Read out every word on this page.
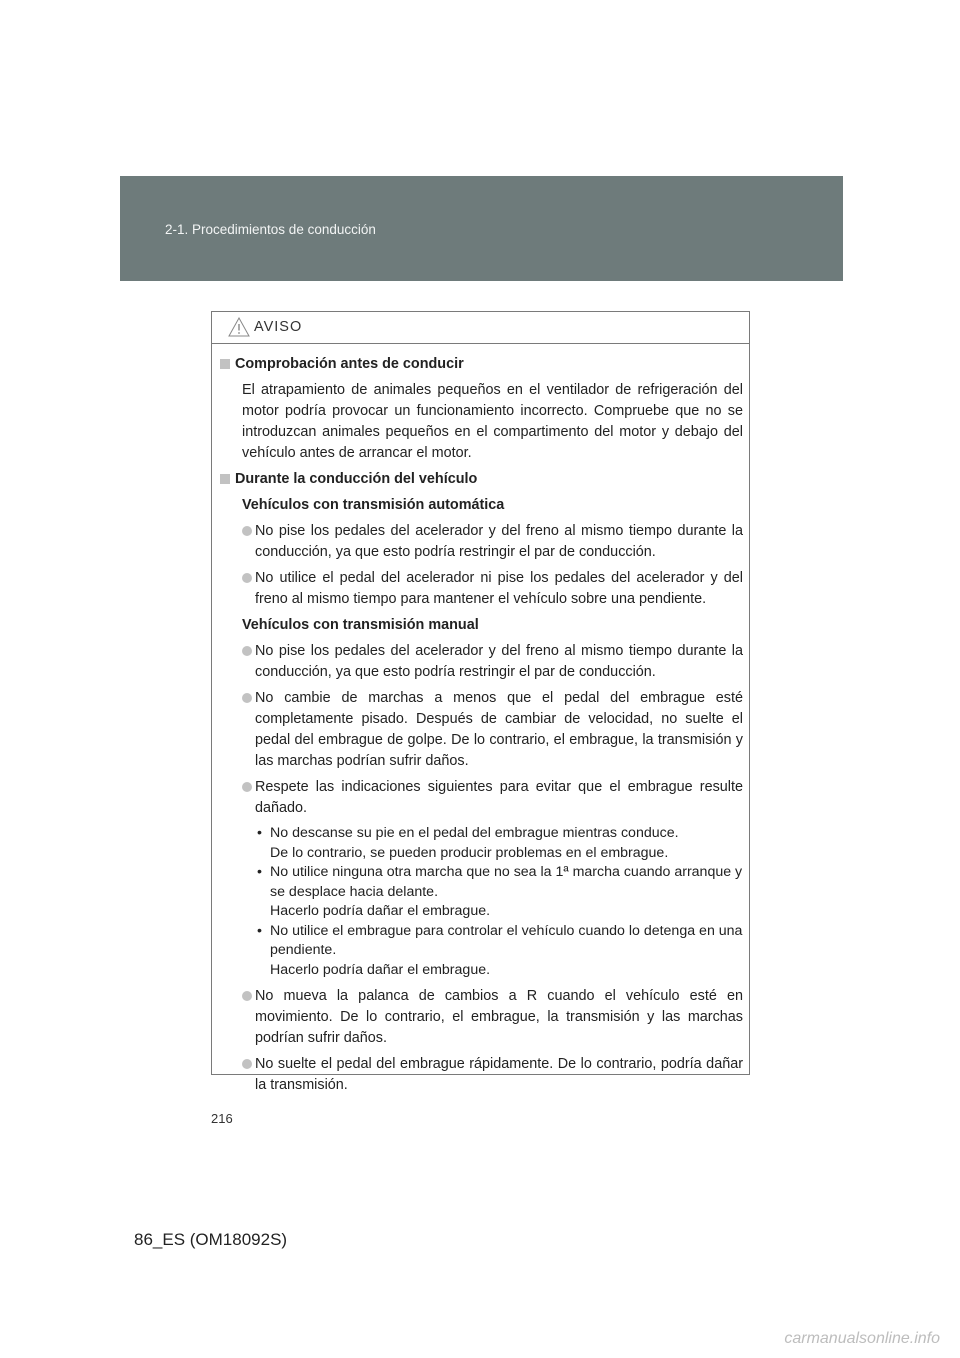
2-1. Procedimientos de conducción
AVISO
Comprobación antes de conducir

El atrapamiento de animales pequeños en el ventilador de refrigeración del motor podría provocar un funcionamiento incorrecto. Compruebe que no se introduzcan animales pequeños en el compartimento del motor y debajo del vehículo antes de arrancar el motor.

Durante la conducción del vehículo
Vehículos con transmisión automática
No pise los pedales del acelerador y del freno al mismo tiempo durante la conducción, ya que esto podría restringir el par de conducción.
No utilice el pedal del acelerador ni pise los pedales del acelerador y del freno al mismo tiempo para mantener el vehículo sobre una pendiente.
Vehículos con transmisión manual
No pise los pedales del acelerador y del freno al mismo tiempo durante la conducción, ya que esto podría restringir el par de conducción.
No cambie de marchas a menos que el pedal del embrague esté completamente pisado. Después de cambiar de velocidad, no suelte el pedal del embrague de golpe. De lo contrario, el embrague, la transmisión y las marchas podrían sufrir daños.
Respete las indicaciones siguientes para evitar que el embrague resulte dañado.
• No descanse su pie en el pedal del embrague mientras conduce.
De lo contrario, se pueden producir problemas en el embrague.
• No utilice ninguna otra marcha que no sea la 1ª marcha cuando arranque y se desplace hacia delante.
Hacerlo podría dañar el embrague.
• No utilice el embrague para controlar el vehículo cuando lo detenga en una pendiente.
Hacerlo podría dañar el embrague.
No mueva la palanca de cambios a R cuando el vehículo esté en movimiento. De lo contrario, el embrague, la transmisión y las marchas podrían sufrir daños.
No suelte el pedal del embrague rápidamente. De lo contrario, podría dañar la transmisión.
216
86_ES (OM18092S)
carmanualsonline.info
